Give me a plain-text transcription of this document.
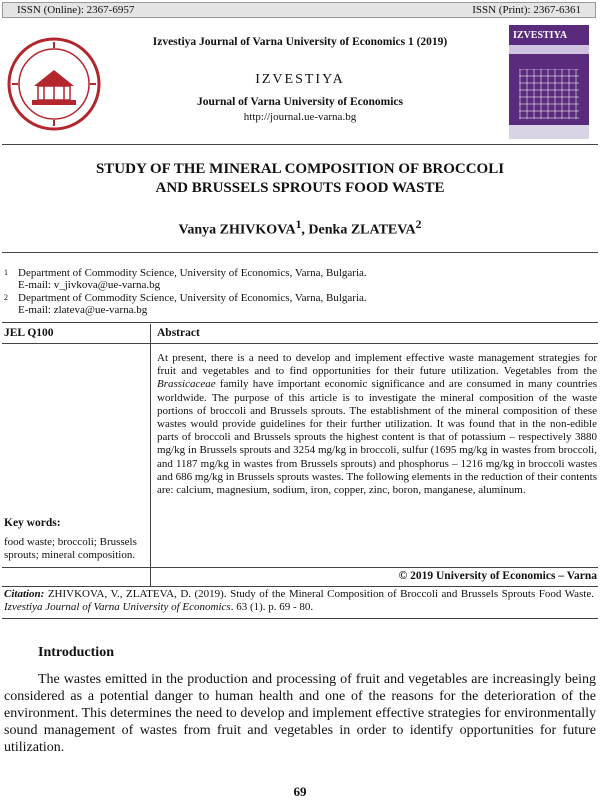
ISSN (Online): 2367-6957	ISSN (Print): 2367-6361
Izvestiya Journal of Varna University of Economics 1 (2019)
IZVESTIYA
Journal of Varna University of Economics
http://journal.ue-varna.bg
IZVESTIYA
STUDY OF THE MINERAL COMPOSITION OF BROCCOLI
AND BRUSSELS SPROUTS FOOD WASTE
Vanya ZHIVKOVA$^1$, Denka ZLATEVA$^2$
$^1$ Department of Commodity Science, University of Economics, Varna, Bulgaria.
E-mail: v_jivkova@ue-varna.bg
$^2$ Department of Commodity Science, University of Economics, Varna, Bulgaria.
E-mail: zlateva@ue-varna.bg
JEL Q100	Abstract
At present, there is a need to develop and implement effective waste management strategies for fruit and vegetables and to find opportunities for their future utilization. Vegetables from the Brassicaceae family have important economic significance and are consumed in many countries worldwide. The purpose of this article is to investigate the mineral composition of the waste portions of broccoli and Brussels sprouts. The establishment of the mineral composition of these wastes would provide guidelines for their further utilization. It was found that in the non-edible parts of broccoli and Brussels sprouts the highest content is that of potassium – respectively 3880 mg/kg in Brussels sprouts and 3254 mg/kg in broccoli, sulfur (1695 mg/kg in wastes from broccoli, and 1187 mg/kg in wastes from Brussels sprouts) and phosphorus – 1216 mg/kg in broccoli wastes and 686 mg/kg in Brussels sprouts wastes. The following elements in the reduction of their contents are: calcium, magnesium, sodium, iron, copper, zinc, boron, manganese, aluminum.
Key words:
food waste; broccoli; Brussels sprouts; mineral composition.
© 2019 University of Economics – Varna
Citation: ZHIVKOVA, V., ZLATEVA, D. (2019). Study of the Mineral Composition of Broccoli and Brussels Sprouts Food Waste. Izvestiya Journal of Varna University of Economics. 63 (1). p. 69 - 80.
Introduction
The wastes emitted in the production and processing of fruit and vegetables are increasingly being considered as a potential danger to human health and one of the reasons for the deterioration of the environment. This determines the need to develop and implement effective strategies for environmentally sound management of wastes from fruit and vegetables in order to identify opportunities for future utilization.
69
